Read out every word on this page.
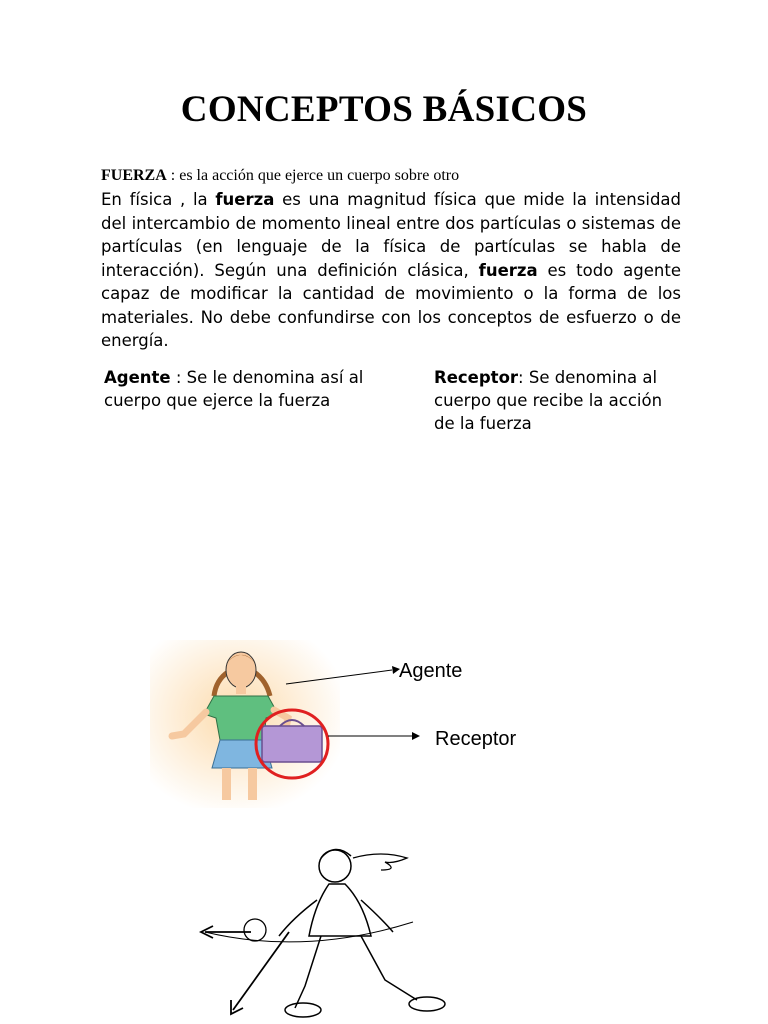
CONCEPTOS BÁSICOS
FUERZA : es la acción que ejerce un cuerpo sobre otro
En física , la fuerza es una magnitud física que mide la intensidad del intercambio de momento lineal entre dos partículas o sistemas de partículas (en lenguaje de la física de partículas se habla de interacción). Según una definición clásica, fuerza es todo agente capaz de modificar la cantidad de movimiento o la forma de los materiales. No debe confundirse con los conceptos de esfuerzo o de energía.
Agente : Se le denomina así al cuerpo que ejerce la fuerza
Receptor: Se denomina al cuerpo que recibe la acción de la fuerza
Agente
Receptor
